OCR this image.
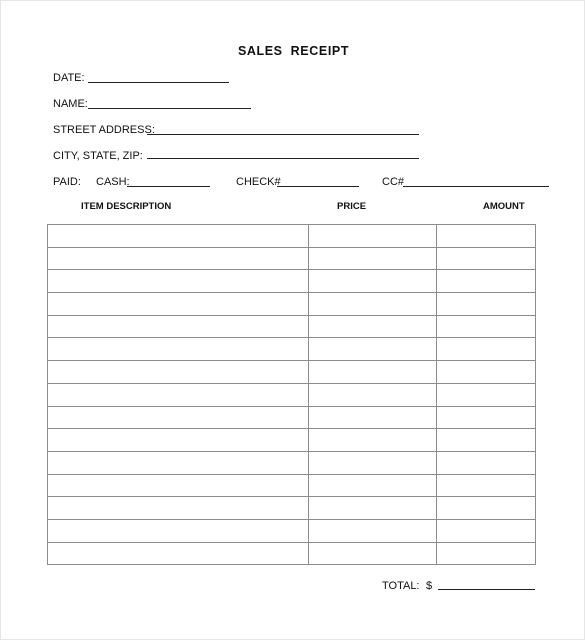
SALES RECEIPT
DATE:
NAME:
STREET ADDRESS:
CITY, STATE, ZIP:
PAID: CASH:	CHECK#	CC#
ITEM DESCRIPTION	PRICE	AMOUNT

TOTAL: $
